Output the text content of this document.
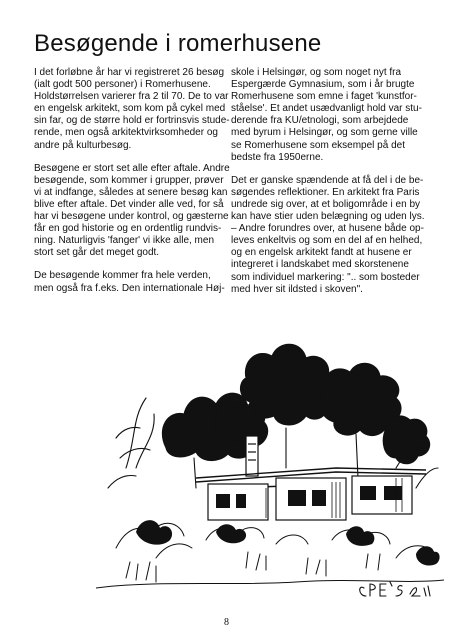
Besøgende i romerhusene

I det forløbne år har vi registreret 26 besøg
(ialt godt 500 personer) i Romerhusene.
Holdstørrelsen varierer fra 2 til 70. De to var
en engelsk arkitekt, som kom på cykel med
sin far, og de større hold er fortrinsvis stude-
rende, men også arkitektvirksomheder og
andre på kulturbesøg.

Besøgene er stort set alle efter aftale. Andre
besøgende, som kommer i grupper, prøver
vi at indfange, således at senere besøg kan
blive efter aftale. Det vinder alle ved, for så
har vi besøgene under kontrol, og gæsterne
får en god historie og en ordentlig rundvis-
ning. Naturligvis 'fanger' vi ikke alle, men
stort set går det meget godt.

De besøgende kommer fra hele verden,
men også fra f.eks. Den internationale Høj-

skole i Helsingør, og som noget nyt fra
Espergærde Gymnasium, som i år brugte
Romerhusene som emne i faget 'kunstfor-
ståelse'. Et andet usædvanligt hold var stu-
derende fra KU/etnologi, som arbejdede
med byrum i Helsingør, og som gerne ville
se Romerhusene som eksempel på det
bedste fra 1950erne.

Det er ganske spændende at få del i de be-
søgendes reflektioner. En arkitekt fra Paris
undrede sig over, at et boligområde i en by
kan have stier uden belægning og uden lys.
– Andre forundres over, at husene både op-
leves enkeltvis og som en del af en helhed,
og en engelsk arkitekt fandt at husene er
integreret i landskabet med skorstenene
som individuel markering: ".. som bosteder
med hver sit ildsted i skoven".

8
